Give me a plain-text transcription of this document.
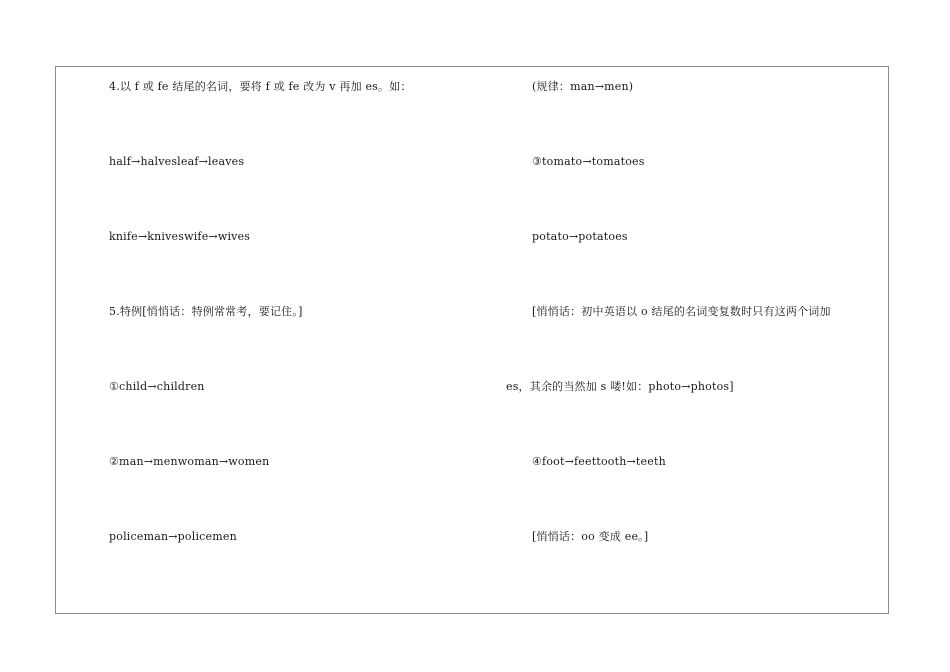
4.以 f 或 fe 结尾的名词，要将 f 或 fe 改为 v 再加 es。如：
half→halvesleaf→leaves
knife→kniveswife→wives
5.特例[悄悄话：特例常常考，要记住。]
①child→children
②man→menwoman→women
policeman→policemen
(规律：man→men)
③tomato→tomatoes
potato→potatoes
[悄悄话：初中英语以 o 结尾的名词变复数时只有这两个词加
es，其余的当然加 s 喽!如：photo→photos]
④foot→feettooth→teeth
[悄悄话：oo 变成 ee。]
